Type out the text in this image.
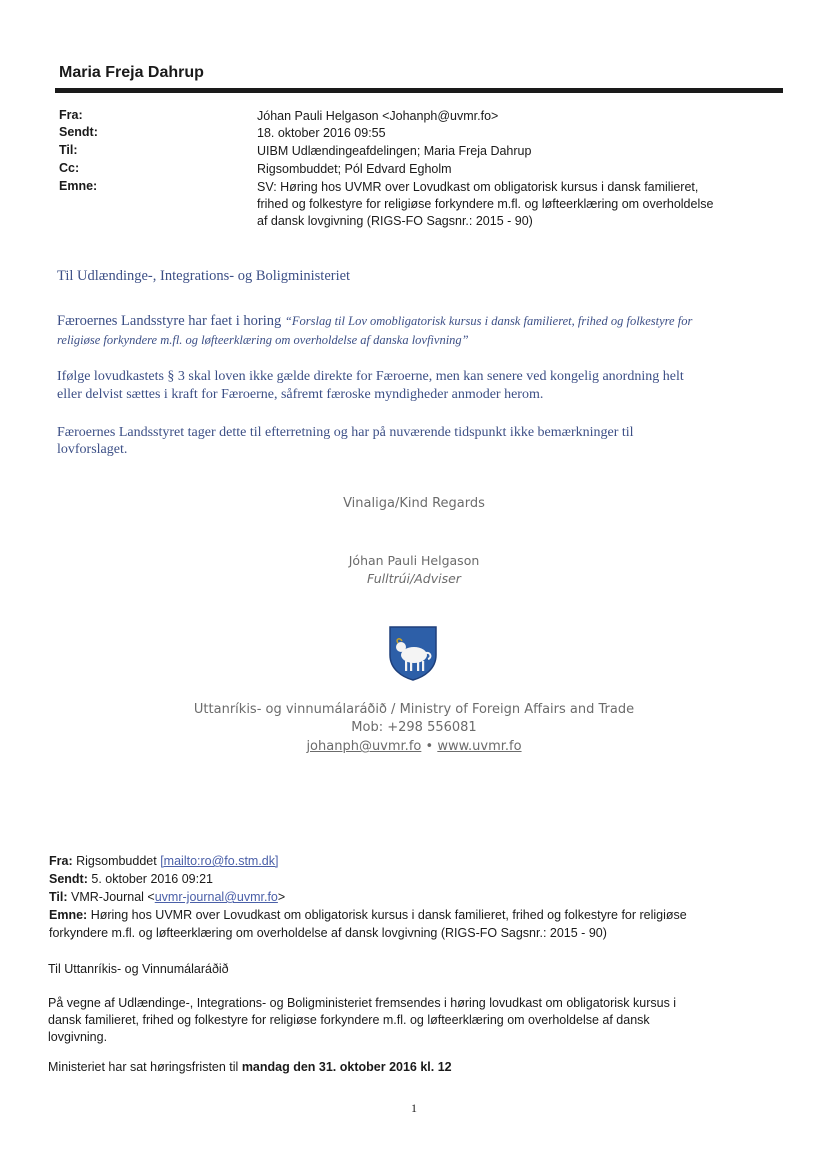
Maria Freja Dahrup
Fra:
Sendt:
Til:
Cc:
Emne:
Jóhan Pauli Helgason <Johanph@uvmr.fo>
18. oktober 2016 09:55
UIBM Udlændingeafdelingen; Maria Freja Dahrup
Rigsombuddet; Pól Edvard Egholm
SV: Høring hos UVMR over Lovudkast om obligatorisk kursus i dansk familieret,
frihed og folkestyre for religiøse forkyndere m.fl. og løfteerklæring om overholdelse
af dansk lovgivning (RIGS-FO Sagsnr.: 2015 - 90)
Til Udlændinge-, Integrations- og Boligministeriet
Færoernes Landsstyre har faet i horing “Forslag til Lov omobligatorisk kursus i dansk familieret, frihed og folkestyre for
religiøse forkyndere m.fl. og løfteerklæring om overholdelse af danska lovfivning”
Ifølge lovudkastets § 3 skal loven ikke gælde direkte for Færoerne, men kan senere ved kongelig anordning helt
eller delvist sættes i kraft for Færoerne, såfremt færoske myndigheder anmoder herom.
Færoernes Landsstyret tager dette til efterretning og har på nuværende tidspunkt ikke bemærkninger til
lovforslaget.
Vinaliga/Kind Regards
Jóhan Pauli Helgason
Fulltrúi/Adviser
Uttanríkis- og vinnumálaráðið / Ministry of Foreign Affairs and Trade
Mob: +298 556081
johanph@uvmr.fo • www.uvmr.fo
Fra: Rigsombuddet [mailto:ro@fo.stm.dk]
Sendt: 5. oktober 2016 09:21
Til: VMR-Journal <uvmr-journal@uvmr.fo>
Emne: Høring hos UVMR over Lovudkast om obligatorisk kursus i dansk familieret, frihed og folkestyre for religiøse
forkyndere m.fl. og løfteerklæring om overholdelse af dansk lovgivning (RIGS-FO Sagsnr.: 2015 - 90)
Til Uttanríkis- og Vinnumálaráðið
På vegne af Udlændinge-, Integrations- og Boligministeriet fremsendes i høring lovudkast om obligatorisk kursus i
dansk familieret, frihed og folkestyre for religiøse forkyndere m.fl. og løfteerklæring om overholdelse af dansk
lovgivning.
Ministeriet har sat høringsfristen til mandag den 31. oktober 2016 kl. 12
1
